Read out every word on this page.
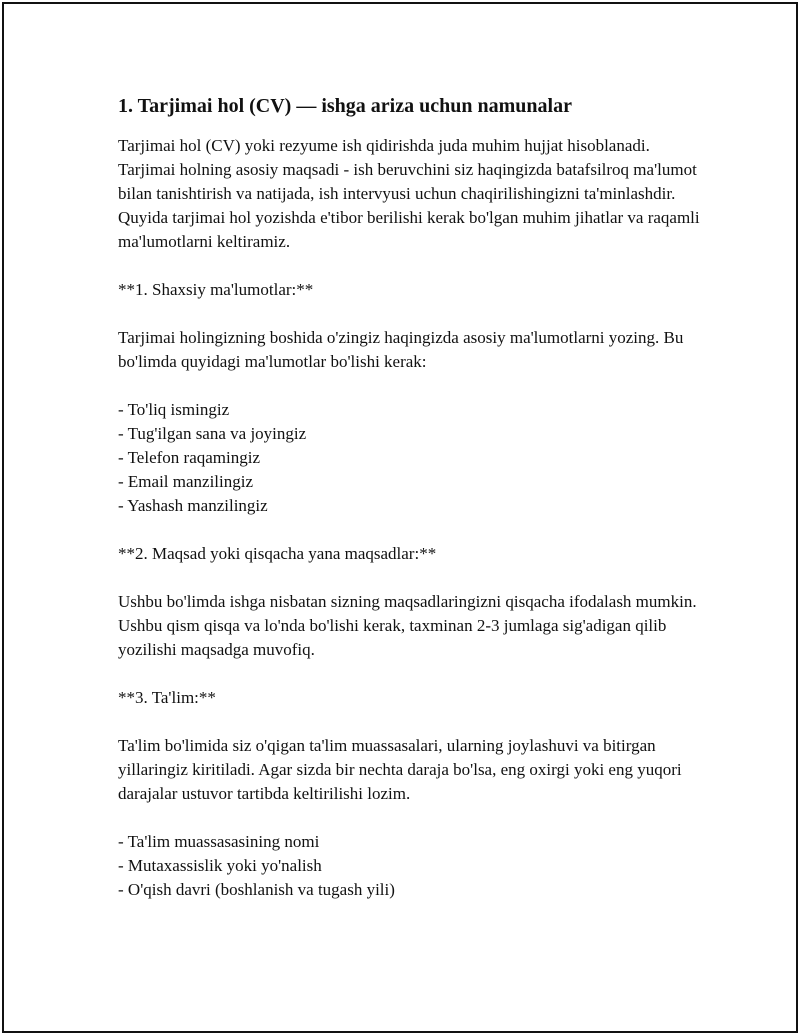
1. Tarjimai hol (CV) — ishga ariza uchun namunalar

Tarjimai hol (CV) yoki rezyume ish qidirishda juda muhim hujjat hisoblanadi. Tarjimai holning asosiy maqsadi - ish beruvchini siz haqingizda batafsilroq ma'lumot bilan tanishtirish va natijada, ish intervyusi uchun chaqirilishingizni ta'minlashdir. Quyida tarjimai hol yozishda e'tibor berilishi kerak bo'lgan muhim jihatlar va raqamli ma'lumotlarni keltiramiz.

**1. Shaxsiy ma'lumotlar:**

Tarjimai holingizning boshida o'zingiz haqingizda asosiy ma'lumotlarni yozing. Bu bo'limda quyidagi ma'lumotlar bo'lishi kerak:

- To'liq ismingiz
- Tug'ilgan sana va joyingiz
- Telefon raqamingiz
- Email manzilingiz
- Yashash manzilingiz

**2. Maqsad yoki qisqacha yana maqsadlar:**

Ushbu bo'limda ishga nisbatan sizning maqsadlaringizni qisqacha ifodalash mumkin. Ushbu qism qisqa va lo'nda bo'lishi kerak, taxminan 2-3 jumlaga sig'adigan qilib yozilishi maqsadga muvofiq.

**3. Ta'lim:**

Ta'lim bo'limida siz o'qigan ta'lim muassasalari, ularning joylashuvi va bitirgan yillaringiz kiritiladi. Agar sizda bir nechta daraja bo'lsa, eng oxirgi yoki eng yuqori darajalar ustuvor tartibda keltirilishi lozim.

- Ta'lim muassasasining nomi
- Mutaxassislik yoki yo'nalish
- O'qish davri (boshlanish va tugash yili)
